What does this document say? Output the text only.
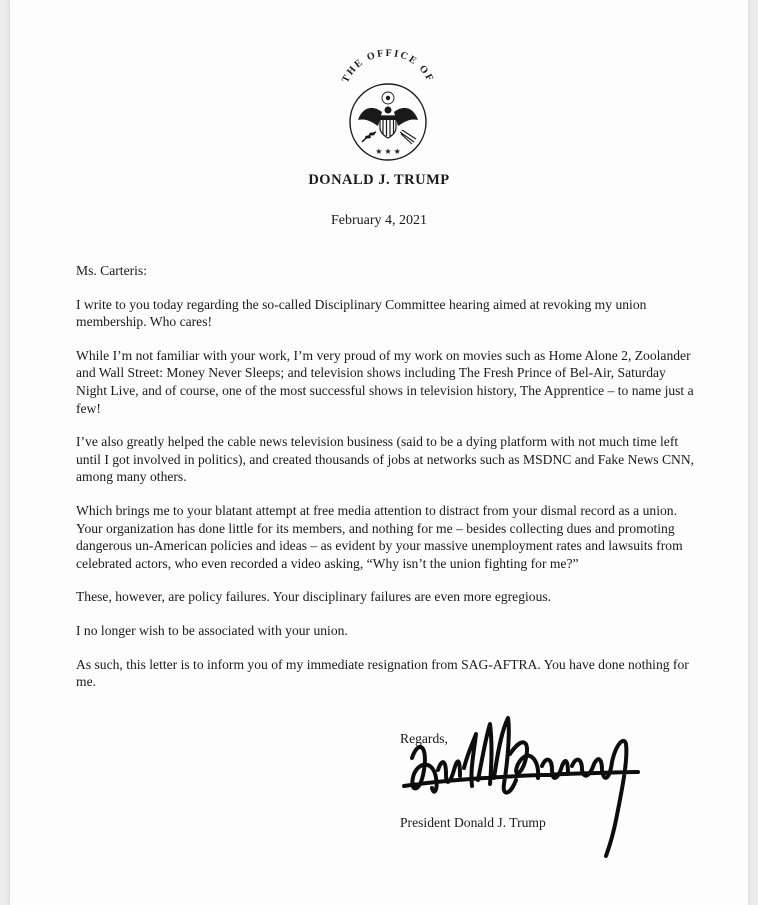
THE OFFICE OF
★ ★ ★
DONALD J. TRUMP
February 4, 2021

Ms. Carteris:

I write to you today regarding the so-called Disciplinary Committee hearing aimed at revoking my union membership. Who cares!

While I’m not familiar with your work, I’m very proud of my work on movies such as Home Alone 2, Zoolander and Wall Street: Money Never Sleeps; and television shows including The Fresh Prince of Bel-Air, Saturday Night Live, and of course, one of the most successful shows in television history, The Apprentice – to name just a few!

I’ve also greatly helped the cable news television business (said to be a dying platform with not much time left until I got involved in politics), and created thousands of jobs at networks such as MSDNC and Fake News CNN, among many others.

Which brings me to your blatant attempt at free media attention to distract from your dismal record as a union. Your organization has done little for its members, and nothing for me – besides collecting dues and promoting dangerous un-American policies and ideas – as evident by your massive unemployment rates and lawsuits from celebrated actors, who even recorded a video asking, “Why isn’t the union fighting for me?”

These, however, are policy failures. Your disciplinary failures are even more egregious.

I no longer wish to be associated with your union.

As such, this letter is to inform you of my immediate resignation from SAG-AFTRA. You have done nothing for me.

Regards,
President Donald J. Trump
